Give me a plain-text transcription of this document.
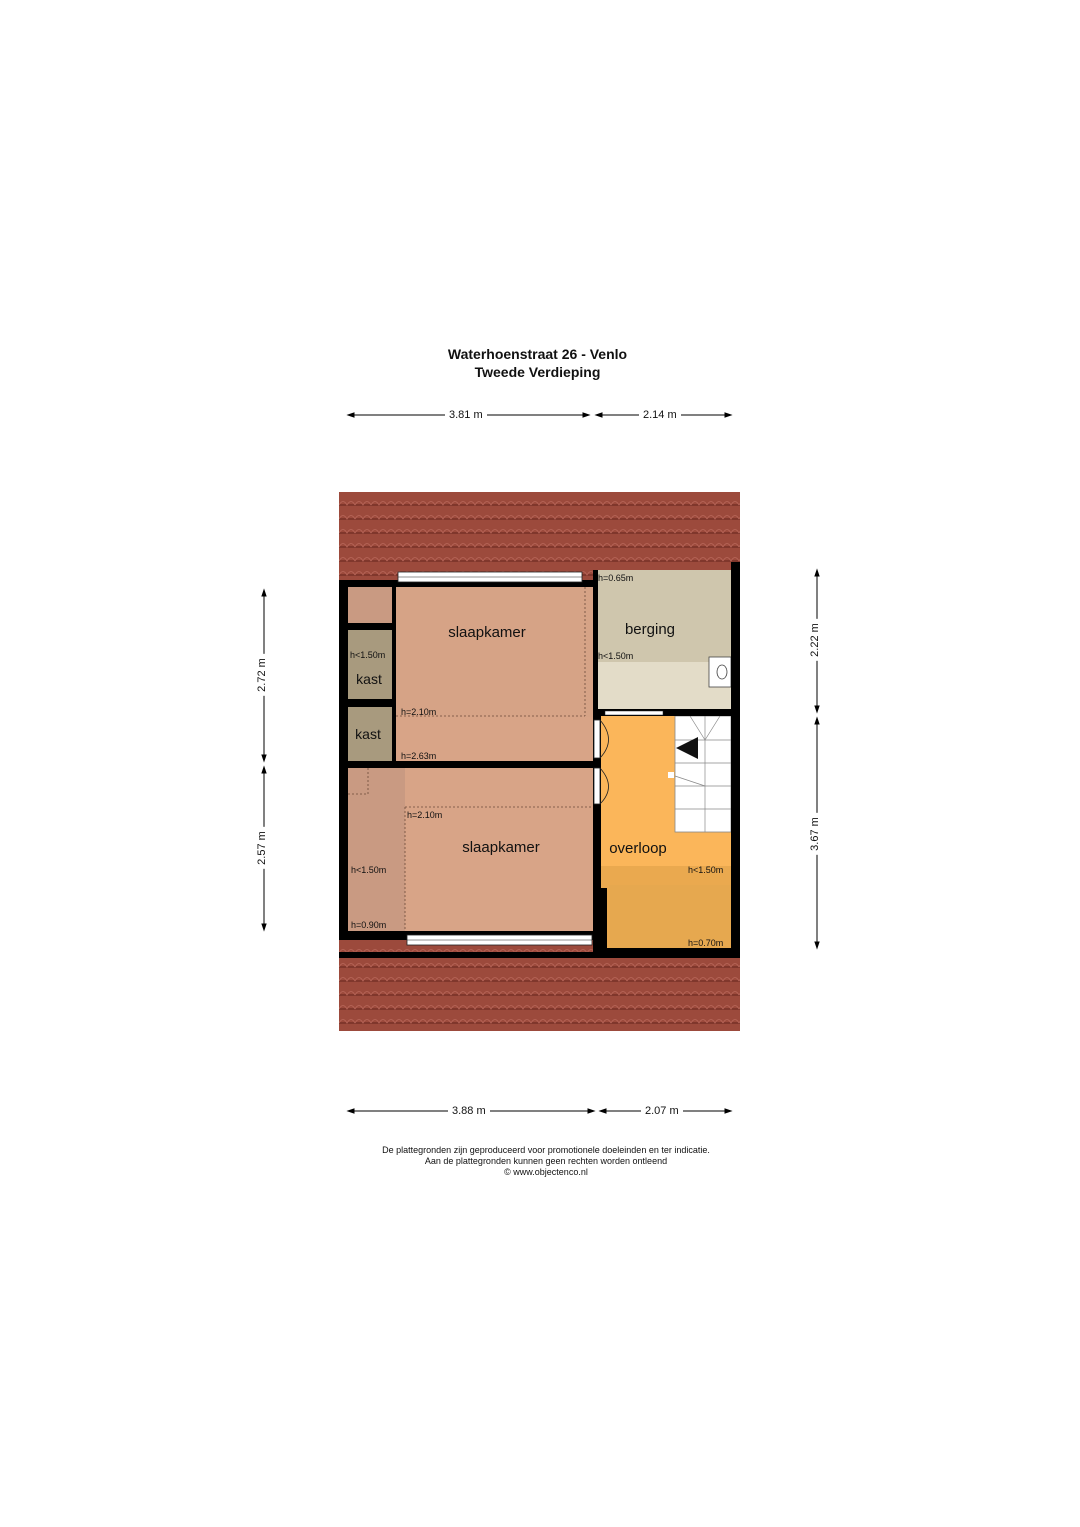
Waterhoenstraat 26 - Venlo
Tweede Verdieping
3.81 m	2.14 m
3.88 m	2.07 m
2.72 m
2.57 m
2.22 m
3.67 m
slaapkamer	berging
kast
kast
slaapkamer	overloop
h=0.65m
h<1.50m
h<1.50m
h=2.10m
h=2.63m
h=2.10m
h<1.50m
h=0.90m
h<1.50m
h=0.70m
De plattegronden zijn geproduceerd voor promotionele doeleinden en ter indicatie.
Aan de plattegronden kunnen geen rechten worden ontleend
© www.objectenco.nl
